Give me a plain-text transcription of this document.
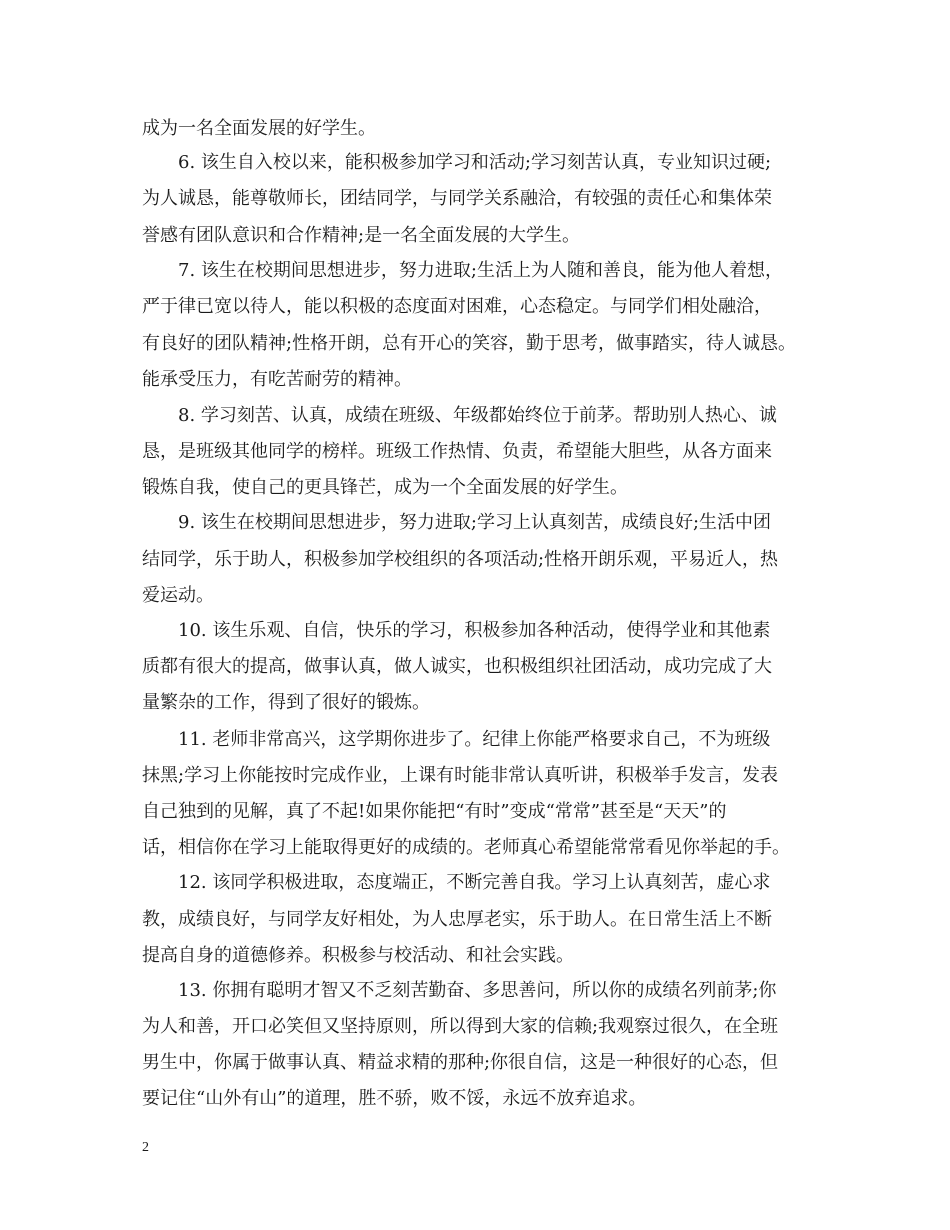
成为一名全面发展的好学生。
6. 该生自入校以来，能积极参加学习和活动;学习刻苦认真，专业知识过硬;
为人诚恳，能尊敬师长，团结同学，与同学关系融洽，有较强的责任心和集体荣
誉感有团队意识和合作精神;是一名全面发展的大学生。
7. 该生在校期间思想进步，努力进取;生活上为人随和善良，能为他人着想，
严于律已宽以待人，能以积极的态度面对困难，心态稳定。与同学们相处融洽，
有良好的团队精神;性格开朗，总有开心的笑容，勤于思考，做事踏实，待人诚恳。
能承受压力，有吃苦耐劳的精神。
8. 学习刻苦、认真，成绩在班级、年级都始终位于前茅。帮助别人热心、诚
恳，是班级其他同学的榜样。班级工作热情、负责，希望能大胆些，从各方面来
锻炼自我，使自己的更具锋芒，成为一个全面发展的好学生。
9. 该生在校期间思想进步，努力进取;学习上认真刻苦，成绩良好;生活中团
结同学，乐于助人，积极参加学校组织的各项活动;性格开朗乐观，平易近人，热
爱运动。
10. 该生乐观、自信，快乐的学习，积极参加各种活动，使得学业和其他素
质都有很大的提高，做事认真，做人诚实，也积极组织社团活动，成功完成了大
量繁杂的工作，得到了很好的锻炼。
11. 老师非常高兴，这学期你进步了。纪律上你能严格要求自己，不为班级
抹黑;学习上你能按时完成作业，上课有时能非常认真听讲，积极举手发言，发表
自己独到的见解，真了不起!如果你能把“有时”变成“常常”甚至是“天天”的
话，相信你在学习上能取得更好的成绩的。老师真心希望能常常看见你举起的手。
12. 该同学积极进取，态度端正，不断完善自我。学习上认真刻苦，虚心求
教，成绩良好，与同学友好相处，为人忠厚老实，乐于助人。在日常生活上不断
提高自身的道德修养。积极参与校活动、和社会实践。
13. 你拥有聪明才智又不乏刻苦勤奋、多思善问，所以你的成绩名列前茅;你
为人和善，开口必笑但又坚持原则，所以得到大家的信赖;我观察过很久，在全班
男生中，你属于做事认真、精益求精的那种;你很自信，这是一种很好的心态，但
要记住“山外有山”的道理，胜不骄，败不馁，永远不放弃追求。
2
